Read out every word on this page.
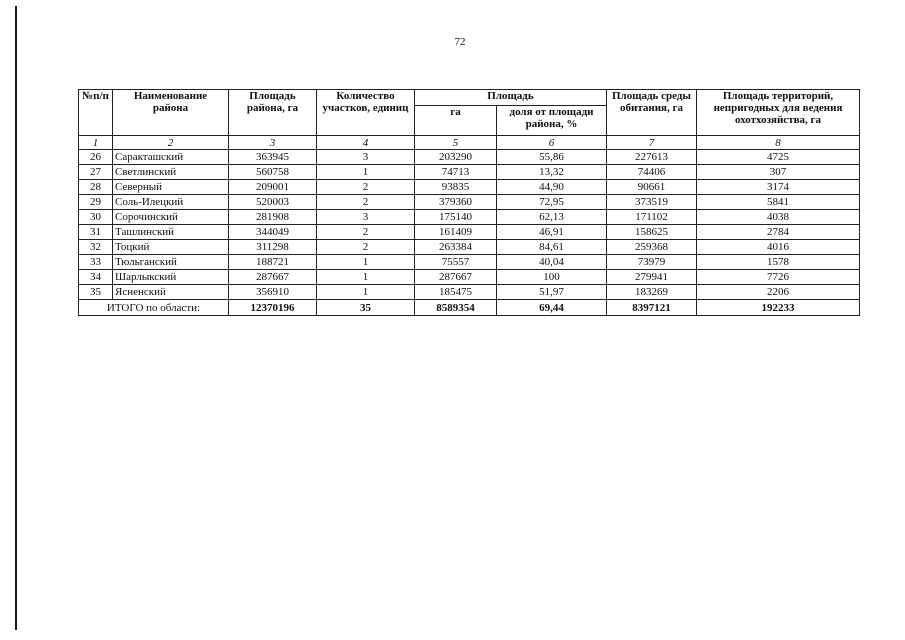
72
№п/п	Наименование района	Площадь района, га	Количество участков, единиц	Площадь		Площадь среды обитания, га	Площадь территорий, непригодных для ведения охотхозяйства, га
				га	доля от площади района, %		
1	2	3	4	5	6	7	8
26	Саракташский	363945	3	203290	55,86	227613	4725
27	Светлинский	560758	1	74713	13,32	74406	307
28	Северный	209001	2	93835	44,90	90661	3174
29	Соль-Илецкий	520003	2	379360	72,95	373519	5841
30	Сорочинский	281908	3	175140	62,13	171102	4038
31	Ташлинский	344049	2	161409	46,91	158625	2784
32	Тоцкий	311298	2	263384	84,61	259368	4016
33	Тюльганский	188721	1	75557	40,04	73979	1578
34	Шарлыкский	287667	1	287667	100	279941	7726
35	Ясненский	356910	1	185475	51,97	183269	2206
ИТОГО по области:		12370196	35	8589354	69,44	8397121	192233
